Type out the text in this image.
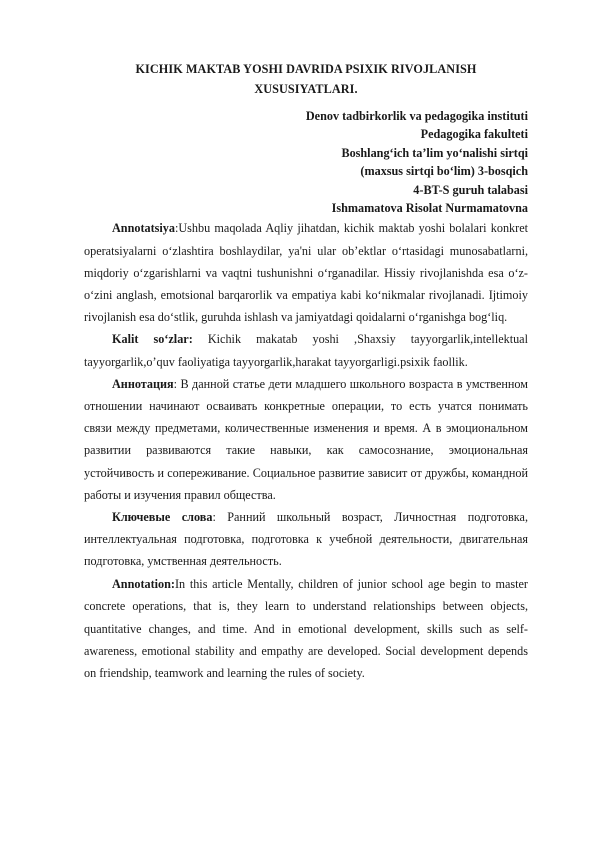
KICHIK MAKTAB YOSHI DAVRIDA PSIXIK RIVOJLANISH
XUSUSIYATLARI.

Denov tadbirkorlik va pedagogika instituti
Pedagogika fakulteti
Boshlang‘ich ta’lim yo‘nalishi sirtqi
(maxsus sirtqi bo‘lim) 3-bosqich
4-BT-S guruh talabasi
Ishmamatova Risolat Nurmamatovna

Annotatsiya:Ushbu maqolada Aqliy jihatdan, kichik maktab yoshi bolalari konkret operatsiyalarni o‘zlashtira boshlaydilar, ya'ni ular ob’ektlar o‘rtasidagi munosabatlarni, miqdoriy o‘zgarishlarni va vaqtni tushunishni o‘rganadilar. Hissiy rivojlanishda esa o‘z-o‘zini anglash, emotsional barqarorlik va empatiya kabi ko‘nikmalar rivojlanadi. Ijtimoiy rivojlanish esa do‘stlik, guruhda ishlash va jamiyatdagi qoidalarni o‘rganishga bog‘liq.

Kalit so‘zlar: Kichik makatab yoshi ,Shaxsiy tayyorgarlik,intellektual tayyorgarlik,o’quv faoliyatiga tayyorgarlik,harakat tayyorgarligi.psixik faollik.

Аннотация: В данной статье дети младшего школьного возраста в умственном отношении начинают осваивать конкретные операции, то есть учатся понимать связи между предметами, количественные изменения и время. А в эмоциональном развитии развиваются такие навыки, как самосознание, эмоциональная устойчивость и сопереживание. Социальное развитие зависит от дружбы, командной работы и изучения правил общества.

Ключевые слова: Ранний школьный возраст, Личностная подготовка, интеллектуальная подготовка, подготовка к учебной деятельности, двигательная подготовка, умственная деятельность.

Annotation:In this article Mentally, children of junior school age begin to master concrete operations, that is, they learn to understand relationships between objects, quantitative changes, and time. And in emotional development, skills such as self-awareness, emotional stability and empathy are developed. Social development depends on friendship, teamwork and learning the rules of society.
